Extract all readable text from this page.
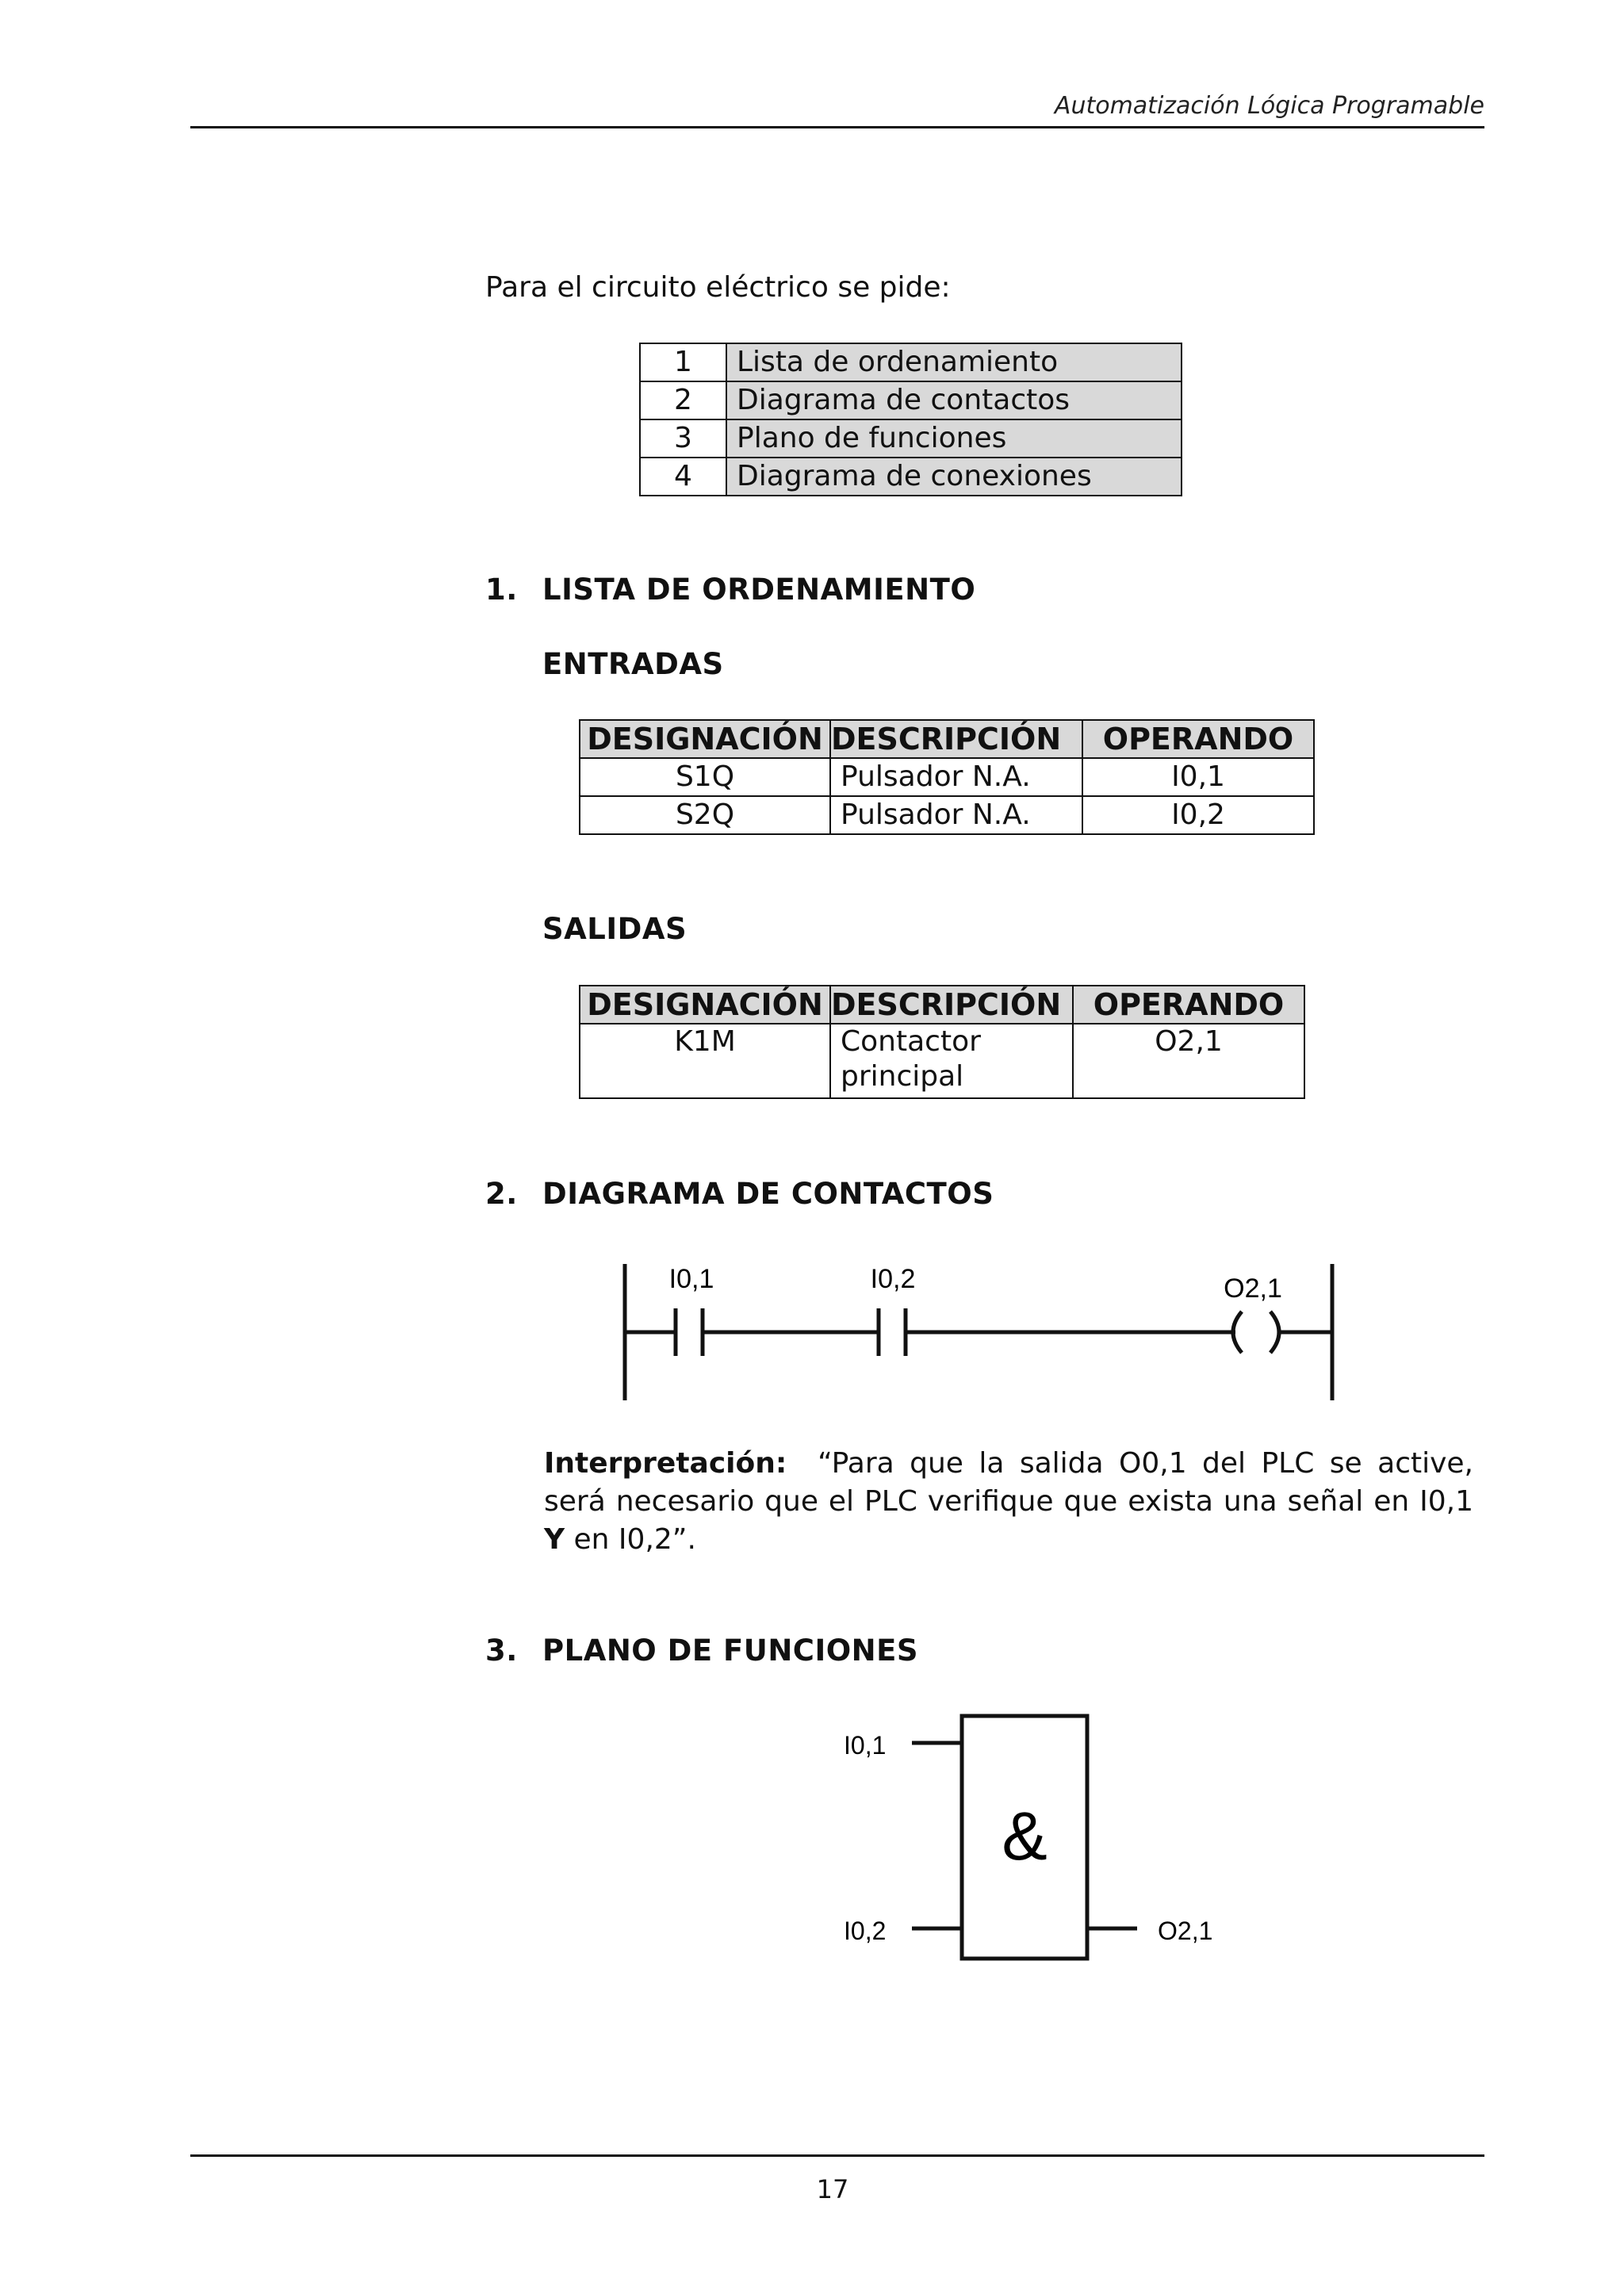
Automatización Lógica Programable
Para el circuito eléctrico se pide:
1	Lista de ordenamiento
2	Diagrama de contactos
3	Plano de funciones
4	Diagrama de conexiones
1. LISTA DE ORDENAMIENTO
ENTRADAS
DESIGNACIÓN	DESCRIPCIÓN	OPERANDO
S1Q	Pulsador N.A.	I0,1
S2Q	Pulsador N.A.	I0,2
SALIDAS
DESIGNACIÓN	DESCRIPCIÓN	OPERANDO
K1M	Contactor principal	O2,1
2. DIAGRAMA DE CONTACTOS
I0,1	I0,2	O2,1
Interpretación: “Para que la salida O0,1 del PLC se active, será necesario que el PLC verifique que exista una señal en I0,1 Y en I0,2”.
3. PLANO DE FUNCIONES
&
I0,1
I0,2	O2,1
17
